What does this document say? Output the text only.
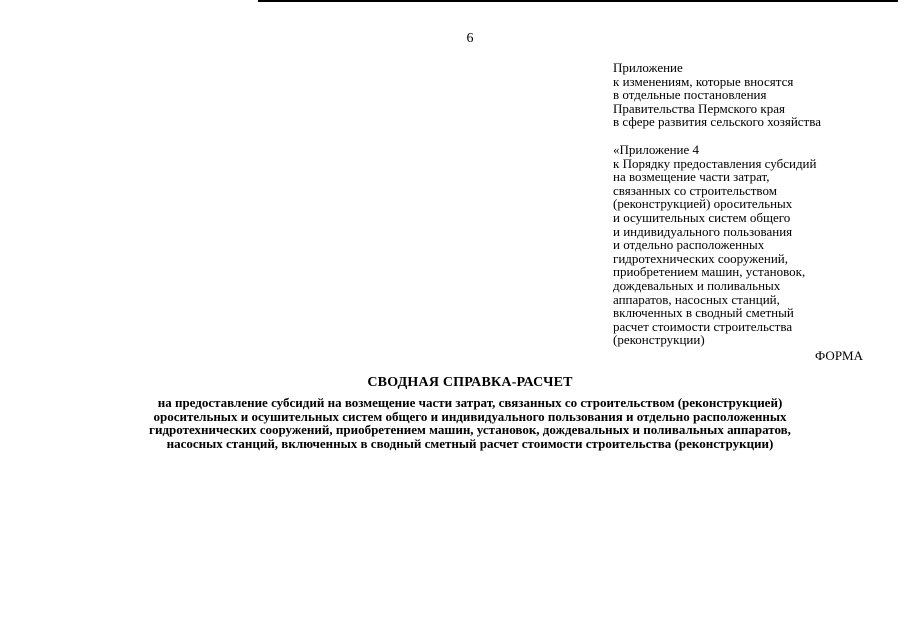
6
Приложение
к изменениям, которые вносятся
в отдельные постановления
Правительства Пермского края
в сфере развития сельского хозяйства
«Приложение 4
к Порядку предоставления субсидий
на возмещение части затрат,
связанных со строительством
(реконструкцией) оросительных
и осушительных систем общего
и индивидуального пользования
и отдельно расположенных
гидротехнических сооружений,
приобретением машин, установок,
дождевальных и поливальных
аппаратов, насосных станций,
включенных в сводный сметный
расчет стоимости строительства
(реконструкции)
ФОРМА
СВОДНАЯ СПРАВКА-РАСЧЕТ
на предоставление субсидий на возмещение части затрат, связанных со строительством (реконструкцией)
оросительных и осушительных систем общего и индивидуального пользования и отдельно расположенных
гидротехнических сооружений, приобретением машин, установок, дождевальных и поливальных аппаратов,
насосных станций, включенных в сводный сметный расчет стоимости строительства (реконструкции)
